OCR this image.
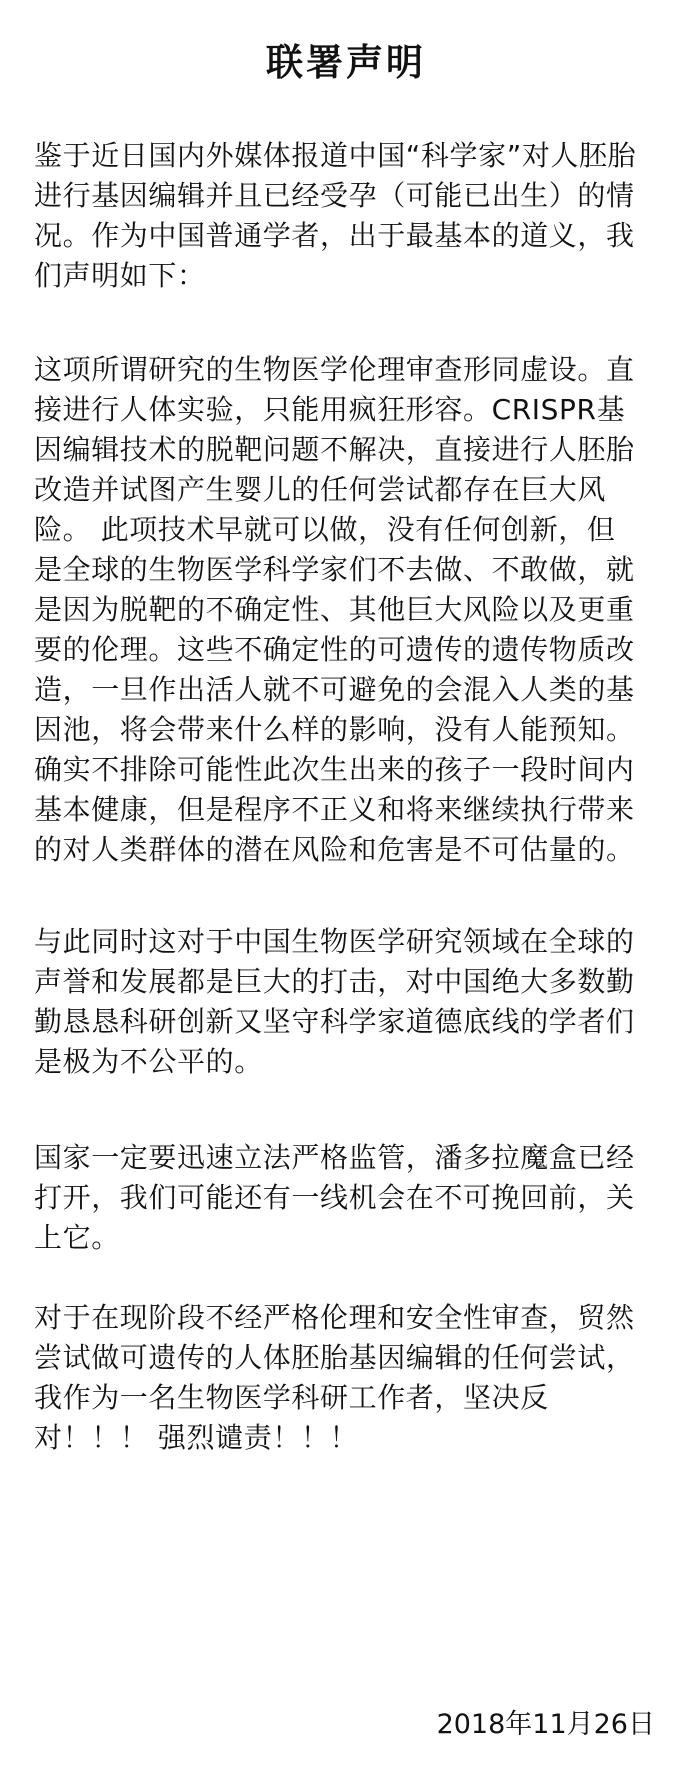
联署声明
鉴于近日国内外媒体报道中国“科学家”对人胚胎
进行基因编辑并且已经受孕（可能已出生）的情
况。作为中国普通学者，出于最基本的道义，我
们声明如下：
这项所谓研究的生物医学伦理审查形同虚设。直
接进行人体实验，只能用疯狂形容。CRISPR基
因编辑技术的脱靶问题不解决，直接进行人胚胎
改造并试图产生婴儿的任何尝试都存在巨大风
险。 此项技术早就可以做，没有任何创新，但
是全球的生物医学科学家们不去做、不敢做，就
是因为脱靶的不确定性、其他巨大风险以及更重
要的伦理。这些不确定性的可遗传的遗传物质改
造，一旦作出活人就不可避免的会混入人类的基
因池，将会带来什么样的影响，没有人能预知。
确实不排除可能性此次生出来的孩子一段时间内
基本健康，但是程序不正义和将来继续执行带来
的对人类群体的潜在风险和危害是不可估量的。
与此同时这对于中国生物医学研究领域在全球的
声誉和发展都是巨大的打击，对中国绝大多数勤
勤恳恳科研创新又坚守科学家道德底线的学者们
是极为不公平的。
国家一定要迅速立法严格监管，潘多拉魔盒已经
打开，我们可能还有一线机会在不可挽回前，关
上它。
对于在现阶段不经严格伦理和安全性审查，贸然
尝试做可遗传的人体胚胎基因编辑的任何尝试，
我作为一名生物医学科研工作者，坚决反
对！！！ 强烈谴责！！！
2018年11月26日
